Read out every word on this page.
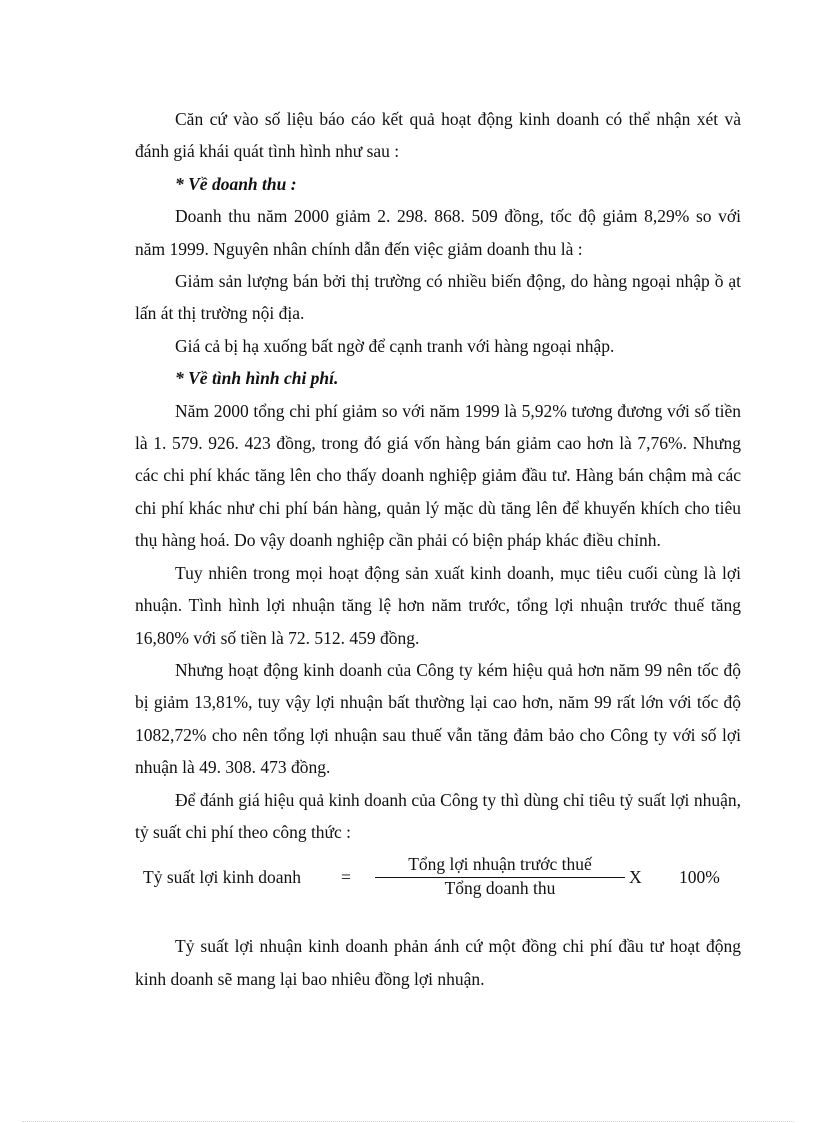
Căn cứ vào số liệu báo cáo kết quả hoạt động kinh doanh có thể nhận xét và đánh giá khái quát tình hình như sau :

* Về doanh thu :

Doanh thu năm 2000 giảm 2. 298. 868. 509 đồng, tốc độ giảm 8,29% so với năm 1999. Nguyên nhân chính dẫn đến việc giảm doanh thu là :

Giảm sản lượng bán bởi thị trường có nhiều biến động, do hàng ngoại nhập ồ ạt lấn át thị trường nội địa.

Giá cả bị hạ xuống bất ngờ để cạnh tranh với hàng ngoại nhập.

* Về tình hình chi phí.

Năm 2000 tổng chi phí giảm so với năm 1999 là 5,92% tương đương với số tiền là 1. 579. 926. 423 đồng, trong đó giá vốn hàng bán giảm cao hơn là 7,76%. Nhưng các chi phí khác tăng lên cho thấy doanh nghiệp giảm đầu tư. Hàng bán chậm mà các chi phí khác như chi phí bán hàng, quản lý mặc dù tăng lên để khuyến khích cho tiêu thụ hàng hoá. Do vậy doanh nghiệp cần phải có biện pháp khác điều chỉnh.

Tuy nhiên trong mọi hoạt động sản xuất kinh doanh, mục tiêu cuối cùng là lợi nhuận. Tình hình lợi nhuận tăng lệ hơn năm trước, tổng lợi nhuận trước thuế tăng 16,80% với số tiền là 72. 512. 459 đồng.

Nhưng hoạt động kinh doanh của Công ty kém hiệu quả hơn năm 99 nên tốc độ bị giảm 13,81%, tuy vậy lợi nhuận bất thường lại cao hơn, năm 99 rất lớn với tốc độ 1082,72% cho nên tổng lợi nhuận sau thuế vẫn tăng đảm bảo cho Công ty với số lợi nhuận là 49. 308. 473 đồng.

Để đánh giá hiệu quả kinh doanh của Công ty thì dùng chỉ tiêu tỷ suất lợi nhuận, tỷ suất chi phí theo công thức :

Tỷ suất lợi kinh doanh =
Tổng lợi nhuận trước thuế
Tổng doanh thu
X 100%

Tỷ suất lợi nhuận kinh doanh phản ánh cứ một đồng chi phí đầu tư hoạt động kinh doanh sẽ mang lại bao nhiêu đồng lợi nhuận.
